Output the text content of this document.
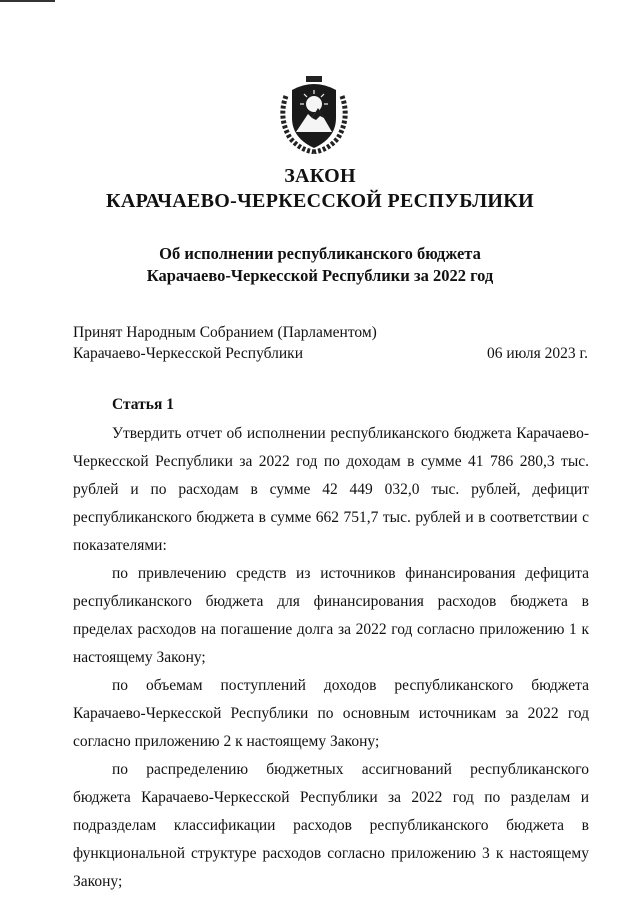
ЗАКОН
КАРАЧАЕВО-ЧЕРКЕССКОЙ РЕСПУБЛИКИ
Об исполнении республиканского бюджета
Карачаево-Черкесской Республики за 2022 год
Принят Народным Собранием (Парламентом)
Карачаево-Черкесской Республики	06 июля 2023 г.
Статья 1

Утвердить отчет об исполнении республиканского бюджета Карачаево-Черкесской Республики за 2022 год по доходам в сумме 41 786 280,3 тыс. рублей и по расходам в сумме 42 449 032,0 тыс. рублей, дефицит республиканского бюджета в сумме 662 751,7 тыс. рублей и в соответствии с показателями:

по привлечению средств из источников финансирования дефицита республиканского бюджета для финансирования расходов бюджета в пределах расходов на погашение долга за 2022 год согласно приложению 1 к настоящему Закону;

по объемам поступлений доходов республиканского бюджета Карачаево-Черкесской Республики по основным источникам за 2022 год согласно приложению 2 к настоящему Закону;

по распределению бюджетных ассигнований республиканского бюджета Карачаево-Черкесской Республики за 2022 год по разделам и подразделам классификации расходов республиканского бюджета в функциональной структуре расходов согласно приложению 3 к настоящему Закону;
